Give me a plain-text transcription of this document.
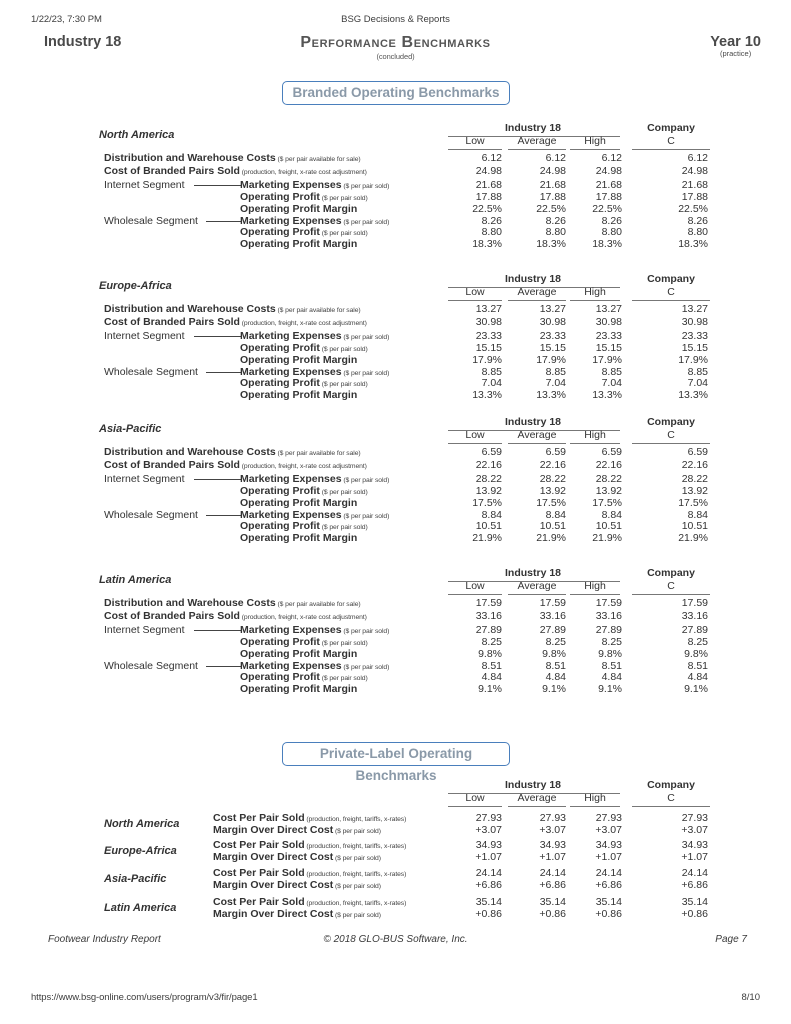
1/22/23, 7:30 PM	BSG Decisions & Reports
Industry 18	Performance Benchmarks
(concluded)
Year 10
(practice)
Branded Operating Benchmarks
Private-Label Operating Benchmarks
North America
Industry 18	Company
C
Low	Average	High
Distribution and Warehouse Costs ($ per pair available for sale)	6.12	6.12	6.12	6.12
Cost of Branded Pairs Sold (production, freight, x-rate cost adjustment)	24.98	24.98	24.98	24.98
Internet Segment	Marketing Expenses ($ per pair sold)	21.68	21.68	21.68	21.68
Operating Profit ($ per pair sold)	17.88	17.88	17.88	17.88
Operating Profit Margin	22.5%	22.5%	22.5%	22.5%
Wholesale Segment	Marketing Expenses ($ per pair sold)	8.26	8.26	8.26	8.26
Operating Profit ($ per pair sold)	8.80	8.80	8.80	8.80
Operating Profit Margin	18.3%	18.3%	18.3%	18.3%
Europe-Africa
Industry 18	Company
C
Low	Average	High
Distribution and Warehouse Costs ($ per pair available for sale)	13.27	13.27	13.27	13.27
Cost of Branded Pairs Sold (production, freight, x-rate cost adjustment)	30.98	30.98	30.98	30.98
Internet Segment	Marketing Expenses ($ per pair sold)	23.33	23.33	23.33	23.33
Operating Profit ($ per pair sold)	15.15	15.15	15.15	15.15
Operating Profit Margin	17.9%	17.9%	17.9%	17.9%
Wholesale Segment	Marketing Expenses ($ per pair sold)	8.85	8.85	8.85	8.85
Operating Profit ($ per pair sold)	7.04	7.04	7.04	7.04
Operating Profit Margin	13.3%	13.3%	13.3%	13.3%
Asia-Pacific
Industry 18	Company
C
Low	Average	High
Distribution and Warehouse Costs ($ per pair available for sale)	6.59	6.59	6.59	6.59
Cost of Branded Pairs Sold (production, freight, x-rate cost adjustment)	22.16	22.16	22.16	22.16
Internet Segment	Marketing Expenses ($ per pair sold)	28.22	28.22	28.22	28.22
Operating Profit ($ per pair sold)	13.92	13.92	13.92	13.92
Operating Profit Margin	17.5%	17.5%	17.5%	17.5%
Wholesale Segment	Marketing Expenses ($ per pair sold)	8.84	8.84	8.84	8.84
Operating Profit ($ per pair sold)	10.51	10.51	10.51	10.51
Operating Profit Margin	21.9%	21.9%	21.9%	21.9%
Latin America
Industry 18	Company
C
Low	Average	High
Distribution and Warehouse Costs ($ per pair available for sale)	17.59	17.59	17.59	17.59
Cost of Branded Pairs Sold (production, freight, x-rate cost adjustment)	33.16	33.16	33.16	33.16
Internet Segment	Marketing Expenses ($ per pair sold)	27.89	27.89	27.89	27.89
Operating Profit ($ per pair sold)	8.25	8.25	8.25	8.25
Operating Profit Margin	9.8%	9.8%	9.8%	9.8%
Wholesale Segment	Marketing Expenses ($ per pair sold)	8.51	8.51	8.51	8.51
Operating Profit ($ per pair sold)	4.84	4.84	4.84	4.84
Operating Profit Margin	9.1%	9.1%	9.1%	9.1%
Industry 18	Company
C
Low	Average	High
North America	Cost Per Pair Sold (production, freight, tariffs, x-rates)	27.93	27.93	27.93	27.93
Margin Over Direct Cost ($ per pair sold)	+3.07	+3.07	+3.07	+3.07
Europe-Africa	Cost Per Pair Sold (production, freight, tariffs, x-rates)	34.93	34.93	34.93	34.93
Margin Over Direct Cost ($ per pair sold)	+1.07	+1.07	+1.07	+1.07
Asia-Pacific	Cost Per Pair Sold (production, freight, tariffs, x-rates)	24.14	24.14	24.14	24.14
Margin Over Direct Cost ($ per pair sold)	+6.86	+6.86	+6.86	+6.86
Latin America	Cost Per Pair Sold (production, freight, tariffs, x-rates)	35.14	35.14	35.14	35.14
Margin Over Direct Cost ($ per pair sold)	+0.86	+0.86	+0.86	+0.86
Footwear Industry Report	© 2018 GLO-BUS Software, Inc.	Page 7
https://www.bsg-online.com/users/program/v3/fir/page1	8/10
